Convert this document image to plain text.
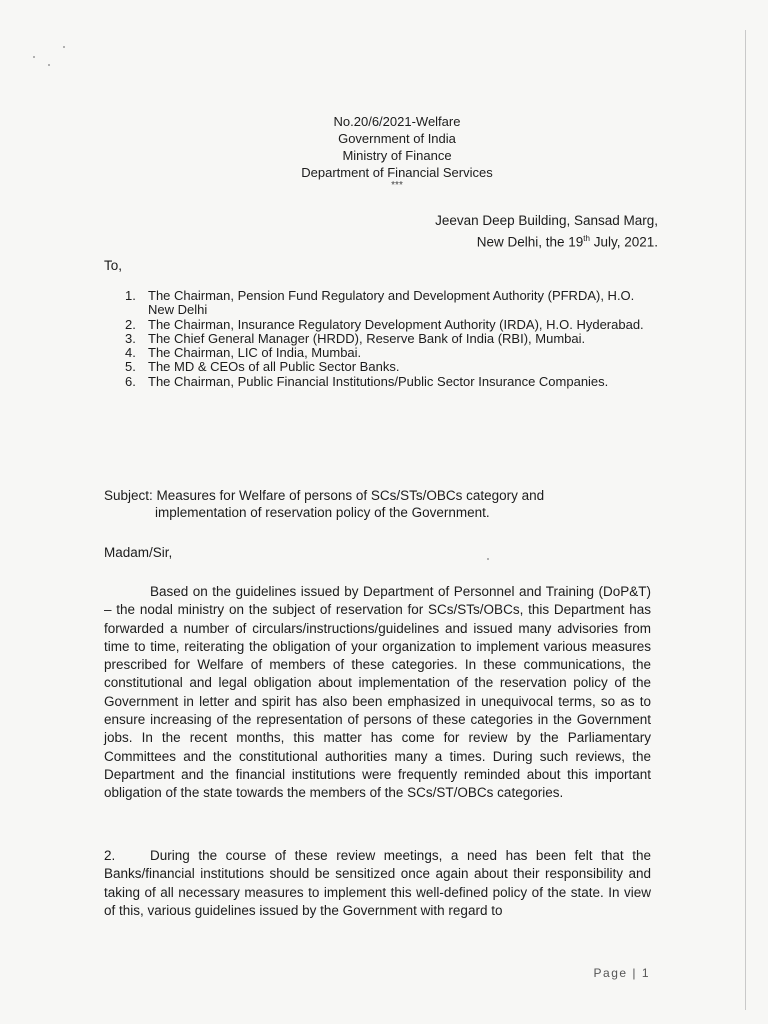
No.20/6/2021-Welfare
Government of India
Ministry of Finance
Department of Financial Services
***
Jeevan Deep Building, Sansad Marg,
New Delhi, the 19th July, 2021.
To,
1. The Chairman, Pension Fund Regulatory and Development Authority (PFRDA), H.O. New Delhi
2. The Chairman, Insurance Regulatory Development Authority (IRDA), H.O. Hyderabad.
3. The Chief General Manager (HRDD), Reserve Bank of India (RBI), Mumbai.
4. The Chairman, LIC of India, Mumbai.
5. The MD & CEOs of all Public Sector Banks.
6. The Chairman, Public Financial Institutions/Public Sector Insurance Companies.
Subject: Measures for Welfare of persons of SCs/STs/OBCs category and
implementation of reservation policy of the Government.
Madam/Sir,

Based on the guidelines issued by Department of Personnel and Training (DoP&T) – the nodal ministry on the subject of reservation for SCs/STs/OBCs, this Department has forwarded a number of circulars/instructions/guidelines and issued many advisories from time to time, reiterating the obligation of your organization to implement various measures prescribed for Welfare of members of these categories. In these communications, the constitutional and legal obligation about implementation of the reservation policy of the Government in letter and spirit has also been emphasized in unequivocal terms, so as to ensure increasing of the representation of persons of these categories in the Government jobs. In the recent months, this matter has come for review by the Parliamentary Committees and the constitutional authorities many a times. During such reviews, the Department and the financial institutions were frequently reminded about this important obligation of the state towards the members of the SCs/ST/OBCs categories.

2.	During the course of these review meetings, a need has been felt that the Banks/financial institutions should be sensitized once again about their responsibility and taking of all necessary measures to implement this well-defined policy of the state. In view of this, various guidelines issued by the Government with regard to

Page | 1
